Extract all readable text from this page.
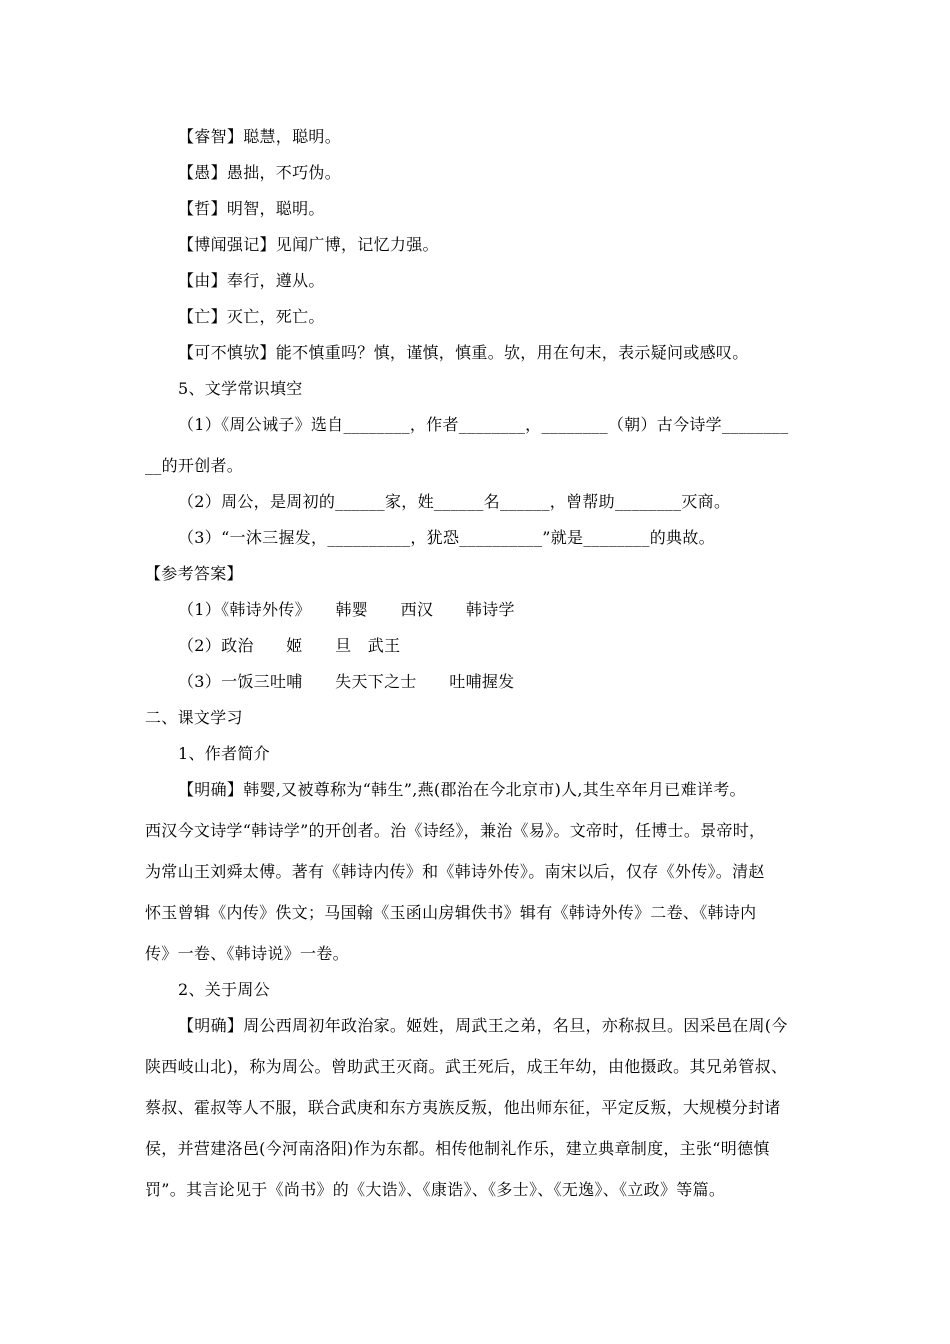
【睿智】聪慧，聪明。
【愚】愚拙，不巧伪。
【哲】明智，聪明。
【博闻强记】见闻广博，记忆力强。
【由】奉行，遵从。
【亡】灭亡，死亡。
【可不慎欤】能不慎重吗？慎，谨慎，慎重。欤，用在句末，表示疑问或感叹。
5、文学常识填空
（1）《周公诫子》选自________，作者________，________（朝）古今诗学________
__的开创者。
（2）周公，是周初的______家，姓______名______，曾帮助________灭商。
（3）“一沐三握发，__________，犹恐__________”就是________的典故。
【参考答案】
（1）《韩诗外传》　　韩婴　　西汉　　韩诗学
（2）政治　　姬　　旦　武王
（3）一饭三吐哺　　失天下之士　　吐哺握发
二、课文学习
1、作者简介
【明确】韩婴,又被尊称为“韩生”,燕(郡治在今北京市)人,其生卒年月已难详考。
西汉今文诗学“韩诗学”的开创者。治《诗经》，兼治《易》。文帝时，任博士。景帝时，
为常山王刘舜太傅。著有《韩诗内传》和《韩诗外传》。南宋以后，仅存《外传》。清赵
怀玉曾辑《内传》佚文；马国翰《玉函山房辑佚书》辑有《韩诗外传》二卷、《韩诗内
传》一卷、《韩诗说》一卷。
2、关于周公
【明确】周公西周初年政治家。姬姓，周武王之弟，名旦，亦称叔旦。因采邑在周(今
陕西岐山北)，称为周公。曾助武王灭商。武王死后，成王年幼，由他摄政。其兄弟管叔、
蔡叔、霍叔等人不服，联合武庚和东方夷族反叛，他出师东征，平定反叛，大规模分封诸
侯，并营建洛邑(今河南洛阳)作为东都。相传他制礼作乐，建立典章制度，主张“明德慎
罚”。其言论见于《尚书》的《大诰》、《康诰》、《多士》、《无逸》、《立政》等篇。
